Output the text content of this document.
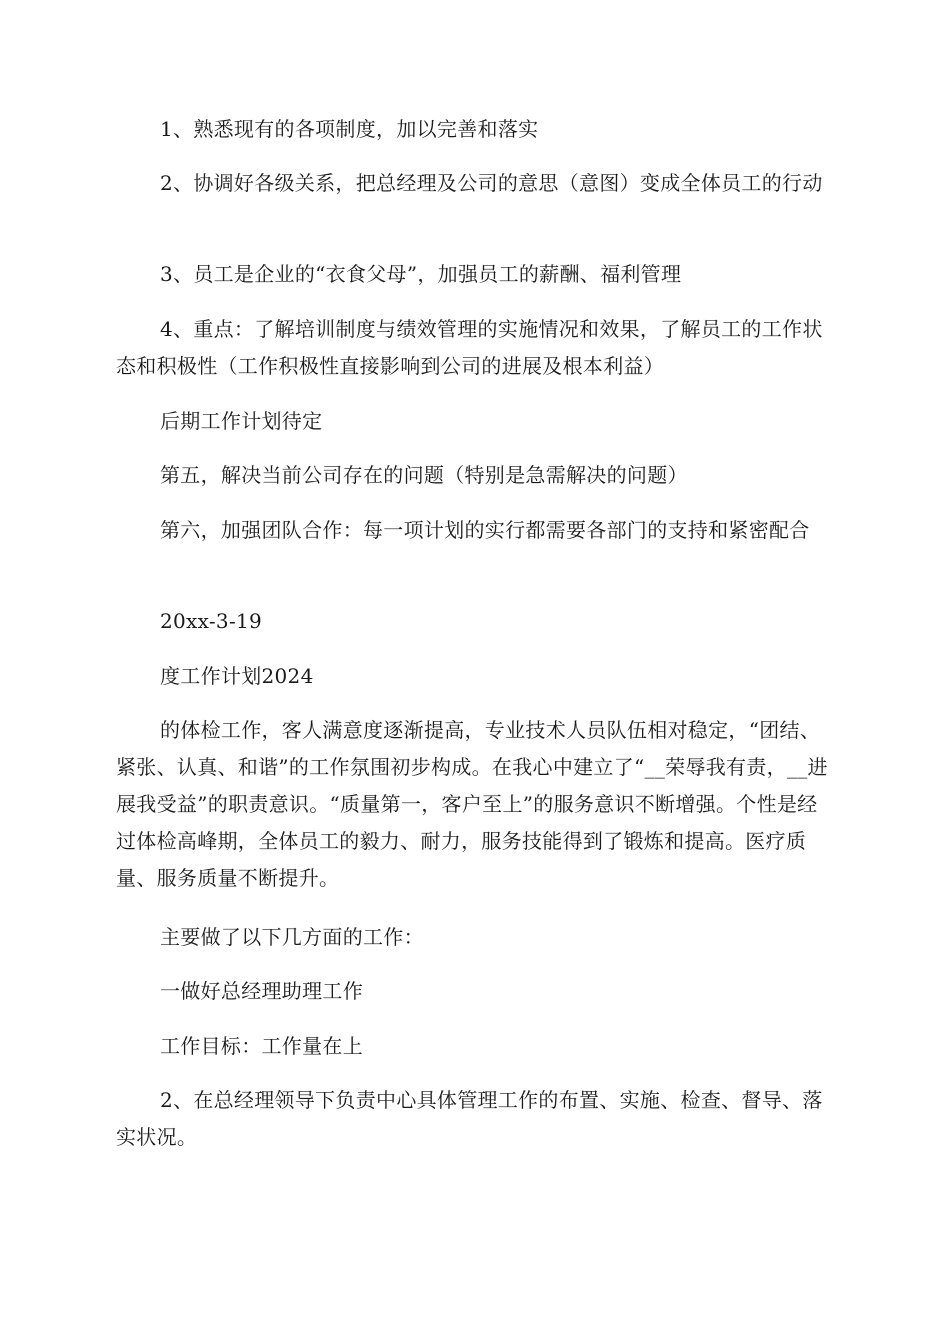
1、熟悉现有的各项制度，加以完善和落实

2、协调好各级关系，把总经理及公司的意思（意图）变成全体员工的行动

3、员工是企业的“衣食父母”，加强员工的薪酬、福利管理

4、重点：了解培训制度与绩效管理的实施情况和效果，了解员工的工作状态和积极性（工作积极性直接影响到公司的进展及根本利益）

后期工作计划待定

第五，解决当前公司存在的问题（特别是急需解决的问题）

第六，加强团队合作：每一项计划的实行都需要各部门的支持和紧密配合

20xx-3-19

度工作计划2024

的体检工作，客人满意度逐渐提高，专业技术人员队伍相对稳定，“团结、紧张、认真、和谐”的工作氛围初步构成。在我心中建立了“__荣辱我有责，__进展我受益”的职责意识。“质量第一，客户至上”的服务意识不断增强。个性是经过体检高峰期，全体员工的毅力、耐力，服务技能得到了锻炼和提高。医疗质量、服务质量不断提升。

主要做了以下几方面的工作：

一做好总经理助理工作

工作目标：工作量在上

2、在总经理领导下负责中心具体管理工作的布置、实施、检查、督导、落实状况。
